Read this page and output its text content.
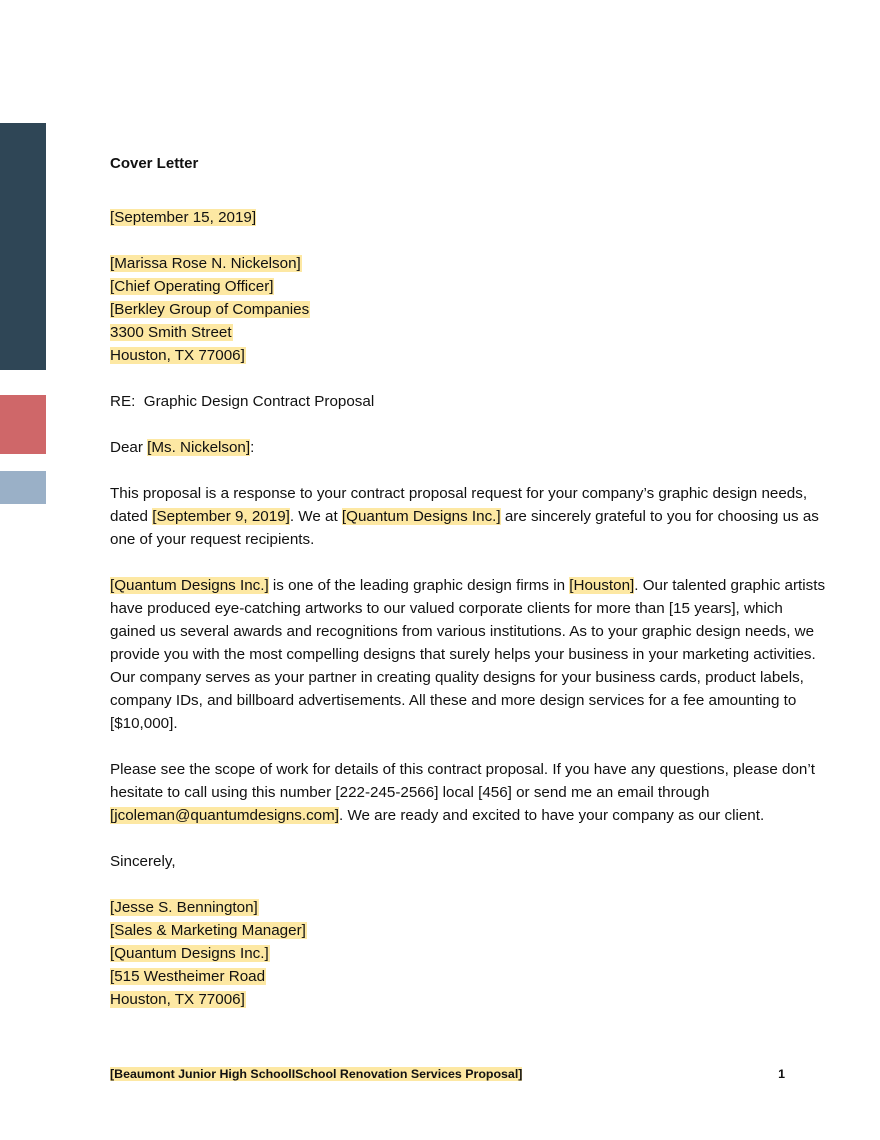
Cover Letter
[September 15, 2019]
[Marissa Rose N. Nickelson]
[Chief Operating Officer]
[Berkley Group of Companies
3300 Smith Street
Houston, TX 77006]
RE:  Graphic Design Contract Proposal
Dear [Ms. Nickelson]:
This proposal is a response to your contract proposal request for your company’s graphic design needs, dated [September 9, 2019]. We at [Quantum Designs Inc.] are sincerely grateful to you for choosing us as one of your request recipients.
[Quantum Designs Inc.] is one of the leading graphic design firms in [Houston]. Our talented graphic artists have produced eye-catching artworks to our valued corporate clients for more than [15 years], which gained us several awards and recognitions from various institutions. As to your graphic design needs, we provide you with the most compelling designs that surely helps your business in your marketing activities. Our company serves as your partner in creating quality designs for your business cards, product labels, company IDs, and billboard advertisements. All these and more design services for a fee amounting to [$10,000].
Please see the scope of work for details of this contract proposal. If you have any questions, please don’t hesitate to call using this number [222-245-2566] local [456] or send me an email through [jcoleman@quantumdesigns.com]. We are ready and excited to have your company as our client.
Sincerely,
[Jesse S. Bennington]
[Sales & Marketing Manager]
[Quantum Designs Inc.]
[515 Westheimer Road
Houston, TX 77006]
[Beaumont Junior High SchoolISchool Renovation Services Proposal]	1
